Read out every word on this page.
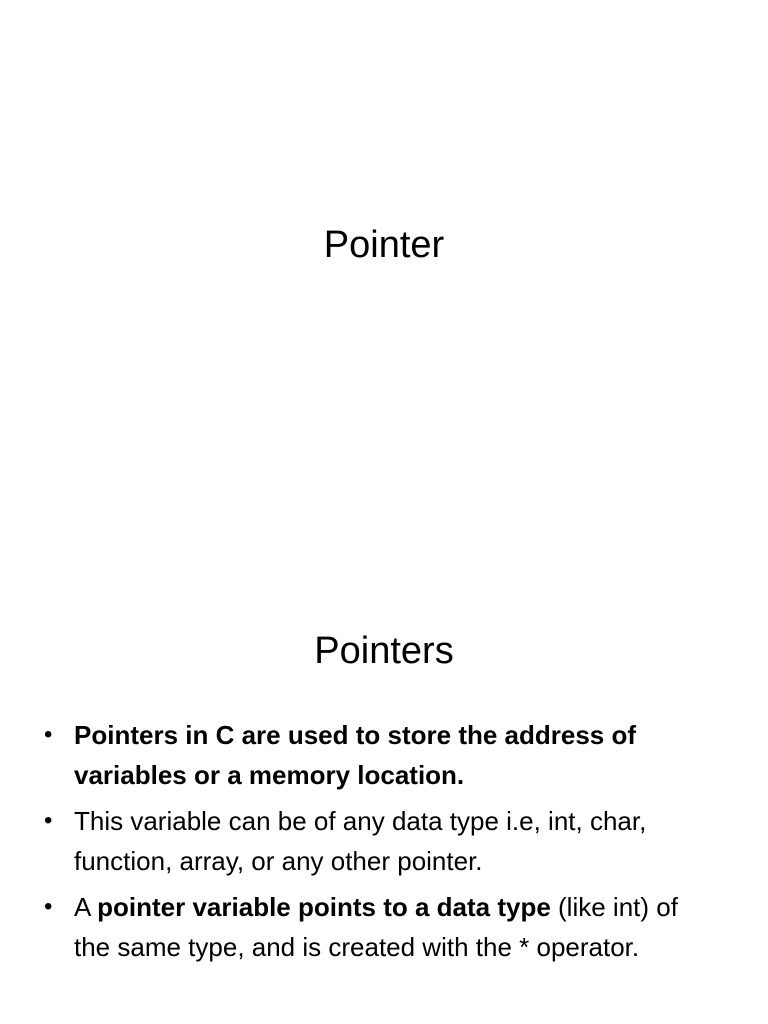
Pointer
Pointers
• Pointers in C are used to store the address of variables or a memory location.
• This variable can be of any data type i.e, int, char, function, array, or any other pointer.
• A pointer variable points to a data type (like int) of the same type, and is created with the * operator.
